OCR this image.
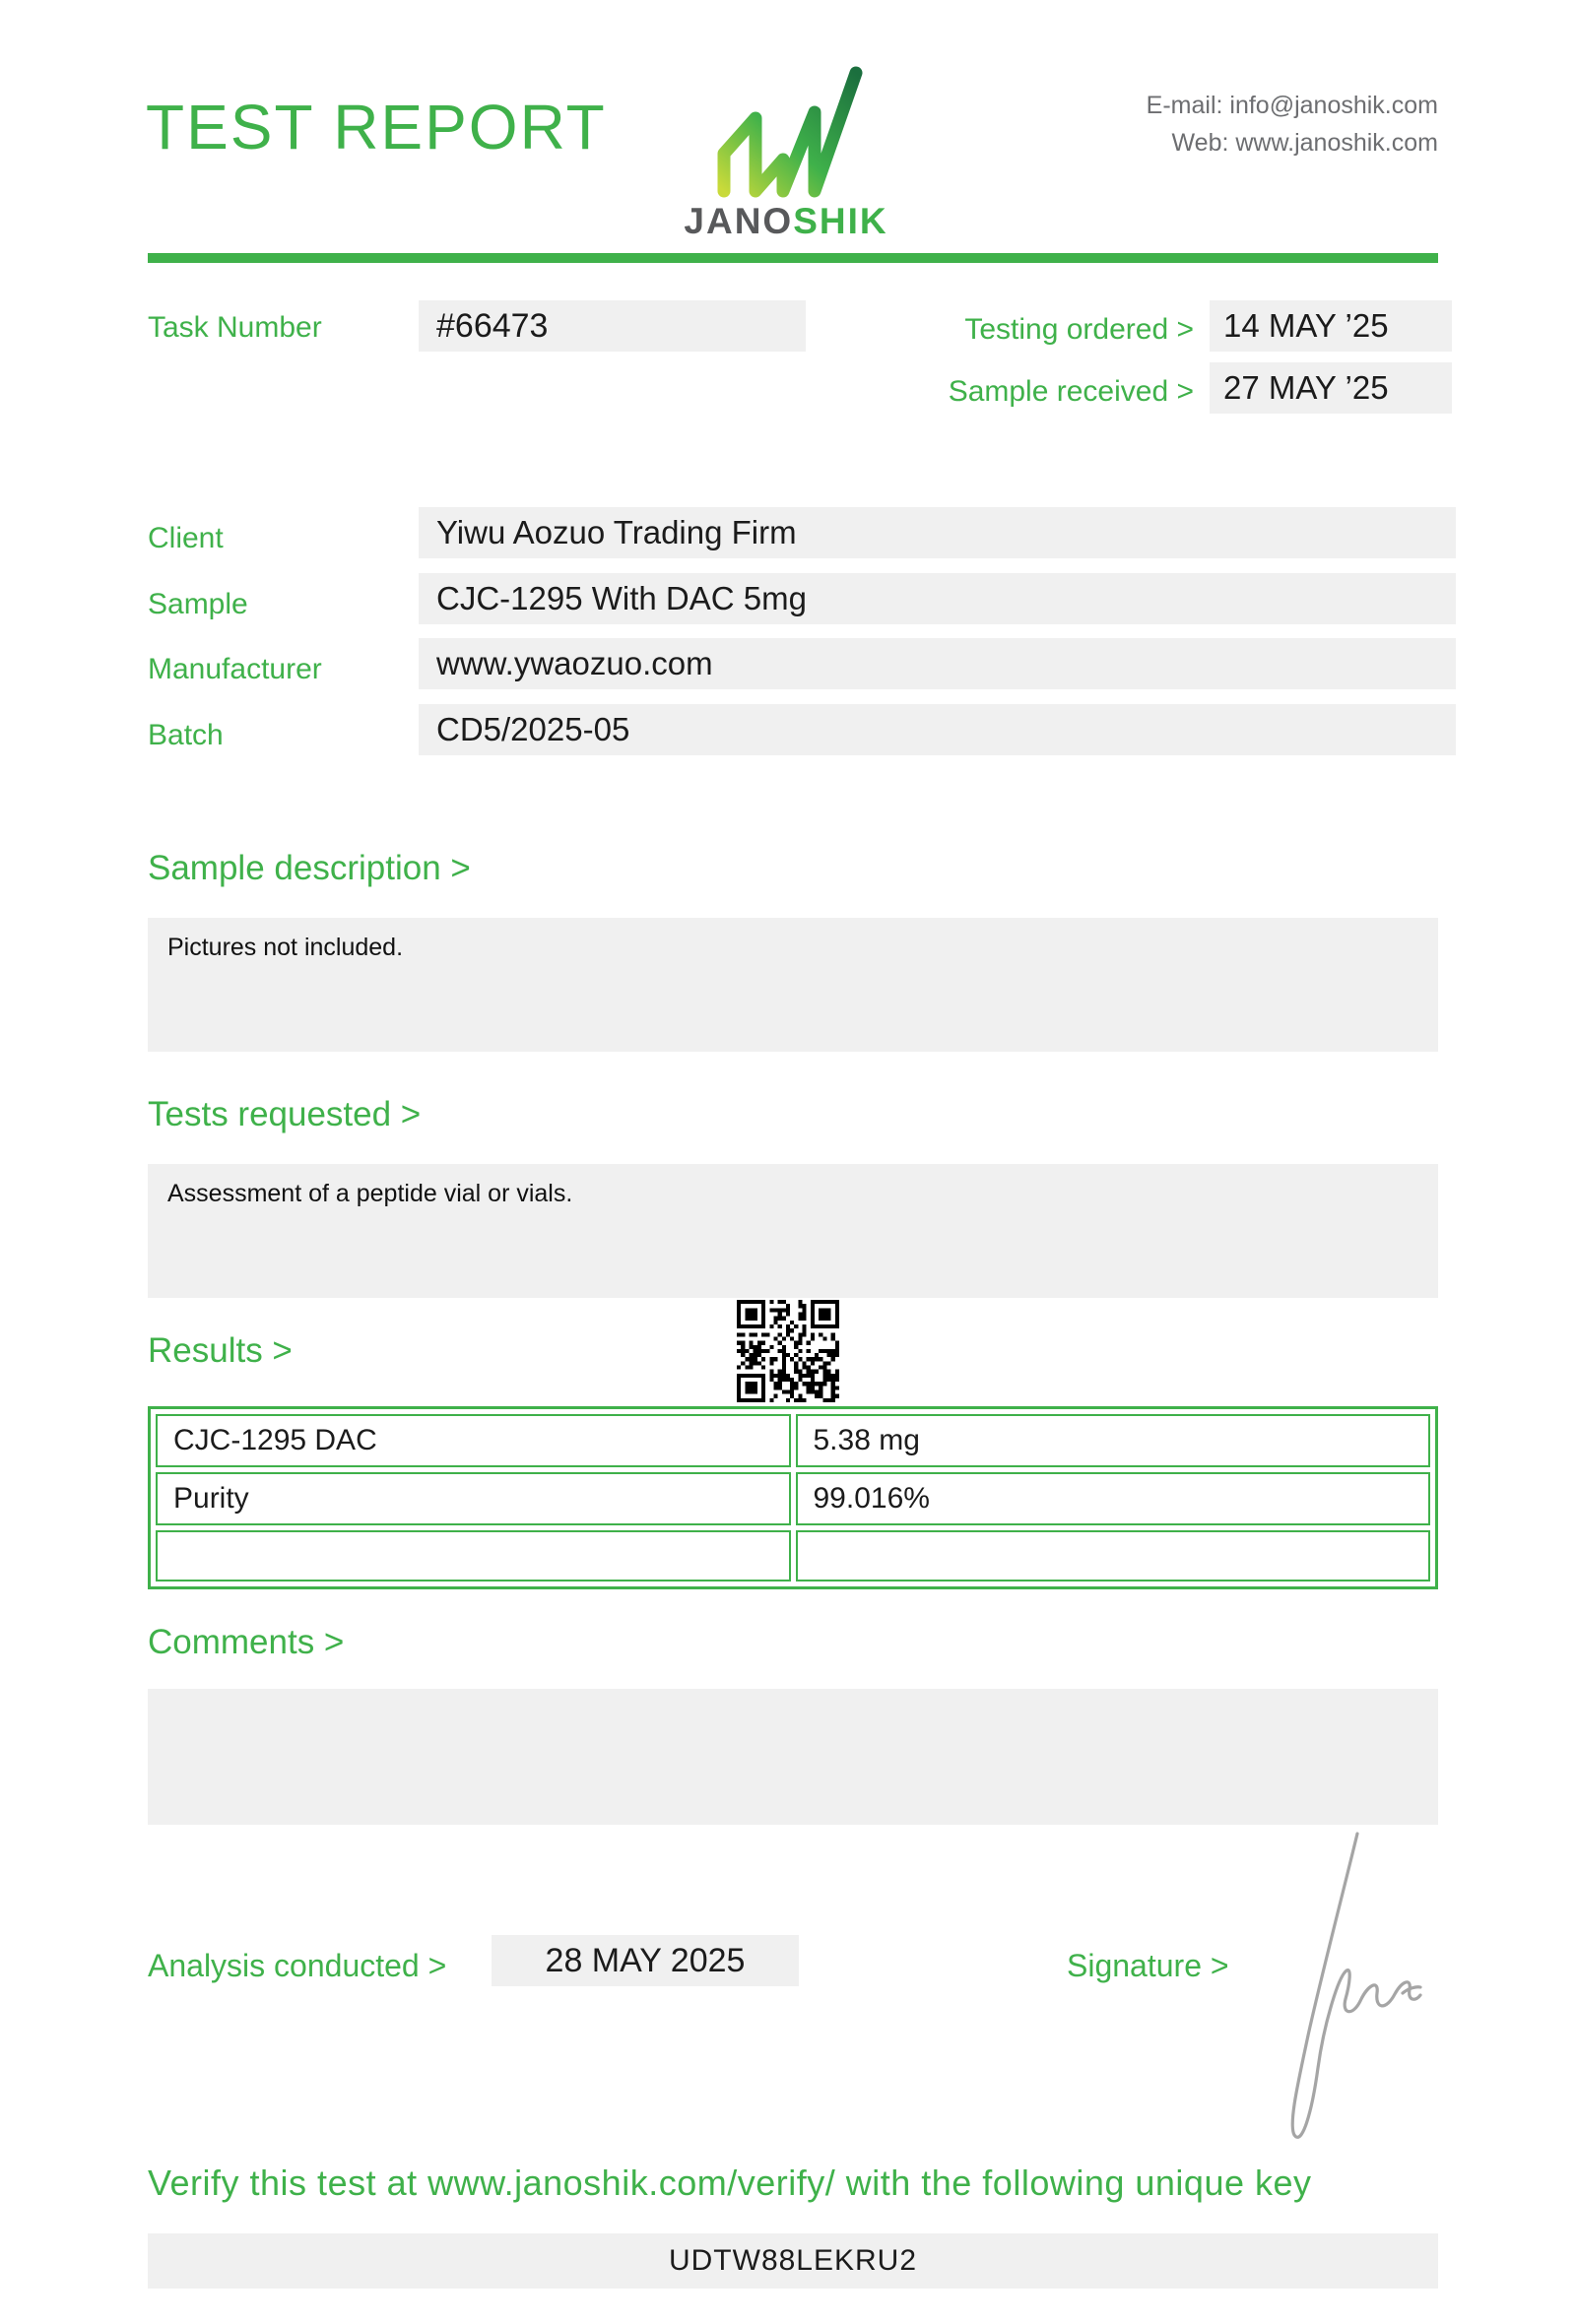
TEST REPORT
JANOSHIK
E-mail: info@janoshik.com
Web: www.janoshik.com
Task Number	#66473	Testing ordered > 14 MAY ’25
Sample received > 27 MAY ’25
Client	Yiwu Aozuo Trading Firm
Sample	CJC-1295 With DAC 5mg
Manufacturer	www.ywaozuo.com
Batch	CD5/2025-05
Sample description >
Pictures not included.
Tests requested >
Assessment of a peptide vial or vials.
Results >
CJC-1295 DAC	5.38 mg
Purity	99.016%

Comments >
Analysis conducted >	28 MAY 2025	Signature >
Verify this test at www.janoshik.com/verify/ with the following unique key
UDTW88LEKRU2
